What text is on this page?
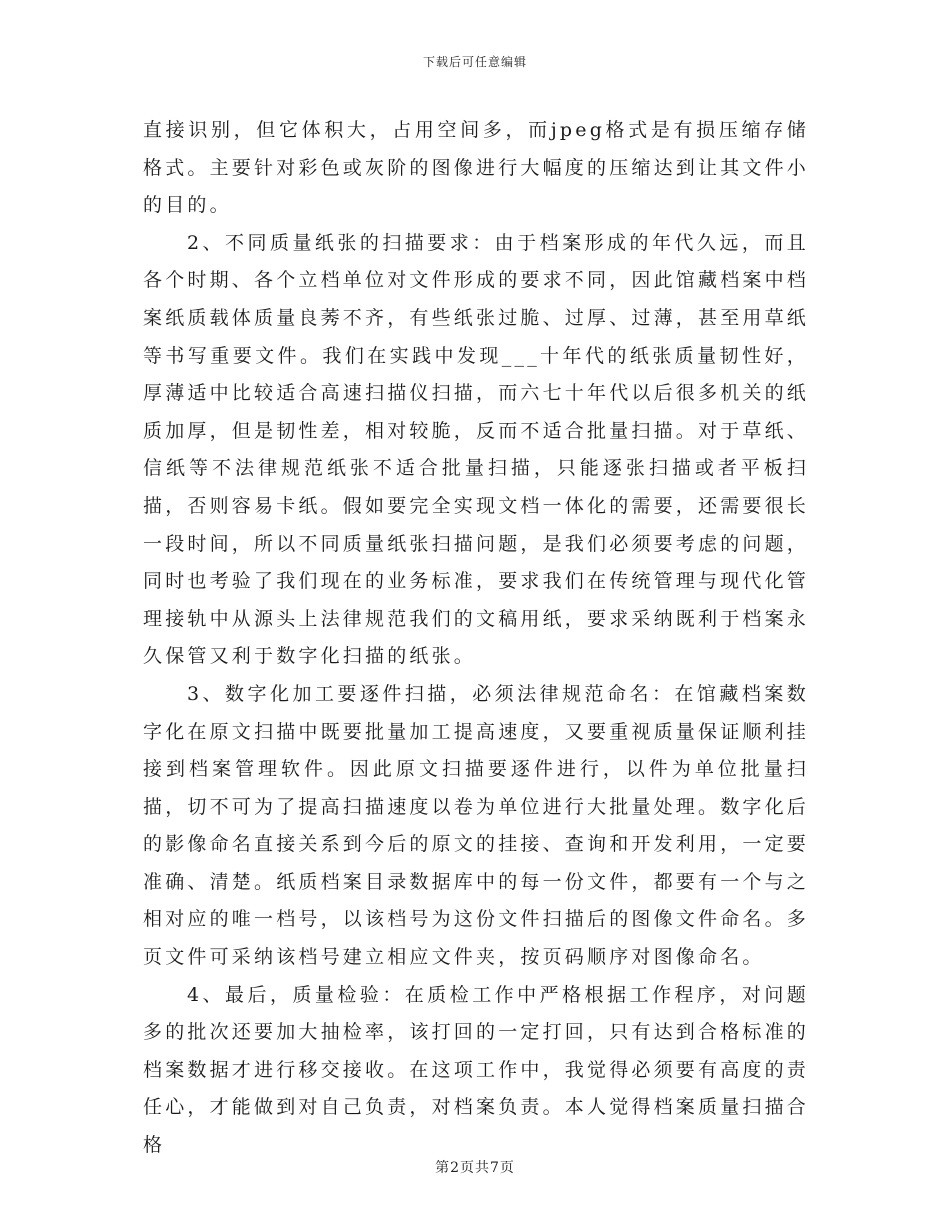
下载后可任意编辑

直接识别，但它体积大，占用空间多，而jpeg格式是有损压缩存储格式。主要针对彩色或灰阶的图像进行大幅度的压缩达到让其文件小的目的。

2、不同质量纸张的扫描要求：由于档案形成的年代久远，而且各个时期、各个立档单位对文件形成的要求不同，因此馆藏档案中档案纸质载体质量良莠不齐，有些纸张过脆、过厚、过薄，甚至用草纸等书写重要文件。我们在实践中发现___十年代的纸张质量韧性好，厚薄适中比较适合高速扫描仪扫描，而六七十年代以后很多机关的纸质加厚，但是韧性差，相对较脆，反而不适合批量扫描。对于草纸、信纸等不法律规范纸张不适合批量扫描，只能逐张扫描或者平板扫描，否则容易卡纸。假如要完全实现文档一体化的需要，还需要很长一段时间，所以不同质量纸张扫描问题，是我们必须要考虑的问题，同时也考验了我们现在的业务标准，要求我们在传统管理与现代化管理接轨中从源头上法律规范我们的文稿用纸，要求采纳既利于档案永久保管又利于数字化扫描的纸张。

3、数字化加工要逐件扫描，必须法律规范命名：在馆藏档案数字化在原文扫描中既要批量加工提高速度，又要重视质量保证顺利挂接到档案管理软件。因此原文扫描要逐件进行，以件为单位批量扫描，切不可为了提高扫描速度以卷为单位进行大批量处理。数字化后的影像命名直接关系到今后的原文的挂接、查询和开发利用，一定要准确、清楚。纸质档案目录数据库中的每一份文件，都要有一个与之相对应的唯一档号，以该档号为这份文件扫描后的图像文件命名。多页文件可采纳该档号建立相应文件夹，按页码顺序对图像命名。

4、最后，质量检验：在质检工作中严格根据工作程序，对问题多的批次还要加大抽检率，该打回的一定打回，只有达到合格标准的档案数据才进行移交接收。在这项工作中，我觉得必须要有高度的责任心，才能做到对自己负责，对档案负责。本人觉得档案质量扫描合格

第2页共7页
